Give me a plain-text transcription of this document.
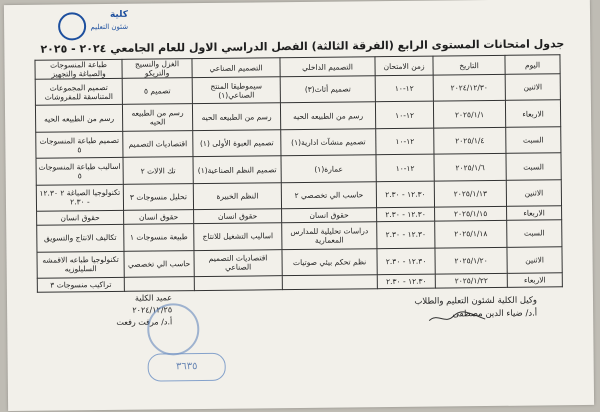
كلية
شئون التعليم
جدول امتحانات المستوى الرابع (الفرقة الثالثة) الفصل الدراسي الاول للعام الجامعي ٢٠٢٤ - ٢٠٢٥
اليوم	التاريخ	زمن الامتحان	التصميم الداخلي	التصميم الصناعي	الغزل والنسيج والتريكو	طباعة المنسوجات والصباغة والتجهيز
الاثنين	٢٠٢٤/١٢/٣٠	١٢-١٠	تصميم أثاث(٣)	سيموطيقا المنتج الصناعي(١)	تصميم ٥	تصميم المجموعات المتناسقة للمفروشات
الاربعاء	٢٠٢٥/١/١	١٢-١٠	رسم من الطبيعه الحيه	رسم من الطبيعه الحيه	رسم من الطبيعه الحيه	رسم من الطبيعه الحيه
السبت	٢٠٢٥/١/٤	١٢-١٠	تصميم منشآت ادارية(١)	تصميم العبوة الأولى (١)	اقتصاديات التصميم	تصميم طباعة المنسوجات ٥
السبت	٢٠٢٥/١/٦	١٢-١٠	عمارة(١)	تصميم النظم الصناعية(١)	تك الالات ٢	اساليب طباعة المنسوجات ٥
الاثنين	٢٠٢٥/١/١٣	١٢.٣٠ - ٢.٣٠	حاسب الي تخصصي ٢	النظم الخبيرة	تحليل منسوجات ٣	تكنولوجيا الصباغة ٢ ١٢.٣٠ - ٢.٣٠
الاربعاء	٢٠٢٥/١/١٥	١٢.٣٠ - ٢.٣٠	حقوق انسان	حقوق انسان	حقوق انسان	حقوق انسان
السبت	٢٠٢٥/١/١٨	١٢.٣٠ - ٢.٣٠	دراسات تحليلية للمدارس المعمارية	اساليب التشغيل للانتاج	طبيعة منسوجات ١	تكاليف الانتاج والتسويق
الاثنين	٢٠٢٥/١/٢٠	١٢.٣٠ - ٢.٣٠	نظم تحكم بيئي صوتيات	اقتصاديات التصميم الصناعي	حاسب الي تخصصي	تكنولوجيا طباعه الاقمشه السليلوزيه
الاربعاء	٢٠٢٥/١/٢٢	١٢.٣٠ - ٢.٣٠				تراكيب منسوجات ٣
عميد الكلية
٢٠٢٤/١٢/٢٥
أ.د/ مرفت رفعت
٣٦٣٥
وكيل الكلية لشئون التعليم والطلاب
أ.د/ ضياء الدين مصطفى
